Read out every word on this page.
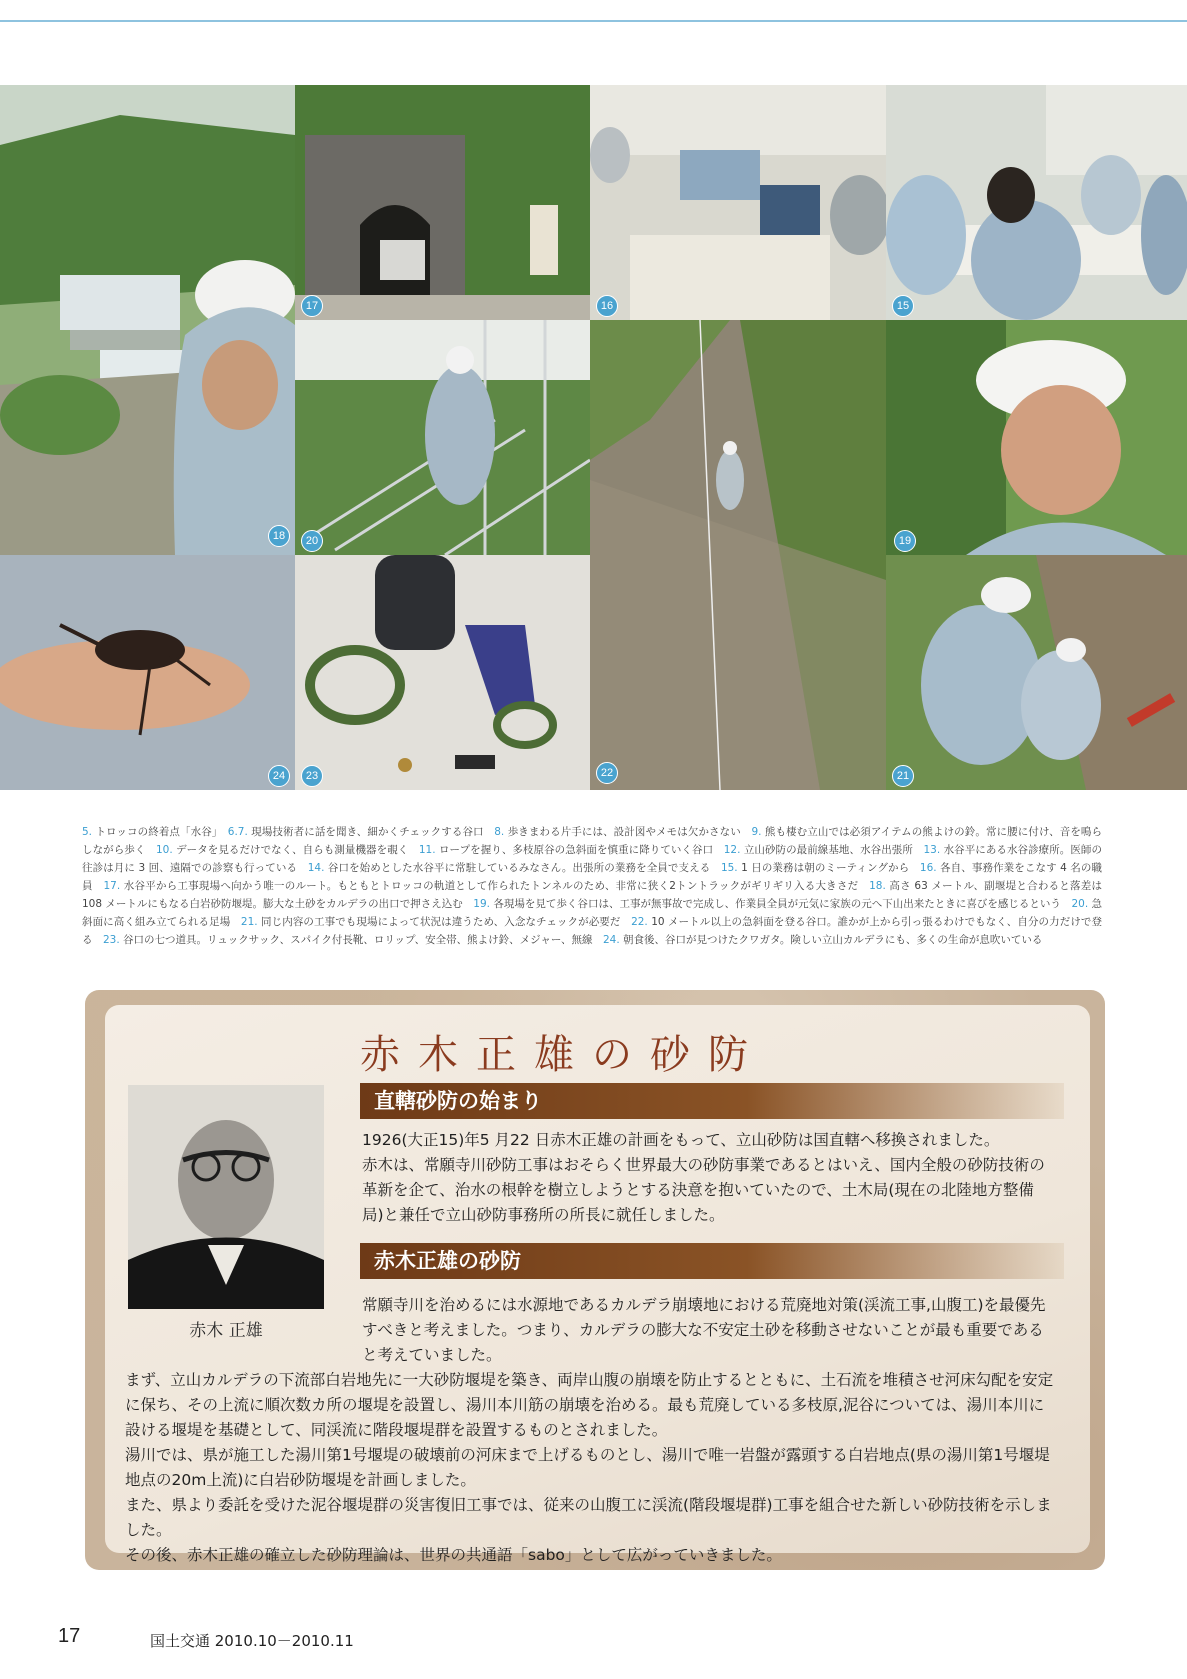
18
17	16	15
20
22
19
24	23	21
5. トロッコの終着点「水谷」　6.7. 現場技術者に話を聞き、細かくチェックする谷口　8. 歩きまわる片手には、設計図やメモは欠かさない　9. 熊も棲む立山では必須アイテムの熊よけの鈴。常に腰に付け、音を鳴らしながら歩く　10. データを見るだけでなく、自らも測量機器を覗く　11. ロープを握り、多枝原谷の急斜面を慎重に降りていく谷口　12. 立山砂防の最前線基地、水谷出張所　13. 水谷平にある水谷診療所。医師の往診は月に 3 回、遠隔での診察も行っている　14. 谷口を始めとした水谷平に常駐しているみなさん。出張所の業務を全員で支える　15. 1 日の業務は朝のミーティングから　16. 各自、事務作業をこなす 4 名の職員　17. 水谷平から工事現場へ向かう唯一のルート。もともとトロッコの軌道として作られたトンネルのため、非常に狭く2トントラックがギリギリ入る大きさだ　18. 高さ 63 メートル、副堰堤と合わると落差は 108 メートルにもなる白岩砂防堰堤。膨大な土砂をカルデラの出口で押さえ込む　19. 各現場を見て歩く谷口は、工事が無事故で完成し、作業員全員が元気に家族の元へ下山出来たときに喜びを感じるという　20. 急斜面に高く組み立てられる足場　21. 同じ内容の工事でも現場によって状況は違うため、入念なチェックが必要だ　22. 10 メートル以上の急斜面を登る谷口。誰かが上から引っ張るわけでもなく、自分の力だけで登る　23. 谷口の七つ道具。リュックサック、スパイク付長靴、ロリップ、安全帯、熊よけ鈴、メジャー、無線　24. 朝食後、谷口が見つけたクワガタ。険しい立山カルデラにも、多くの生命が息吹いている　
赤木正雄の砂防
直轄砂防の始まり
赤木 正雄

1926(大正15)年5 月22 日赤木正雄の計画をもって、立山砂防は国直轄へ移換されました。

赤木は、常願寺川砂防工事はおそらく世界最大の砂防事業であるとはいえ、国内全般の砂防技術の革新を企て、治水の根幹を樹立しようとする決意を抱いていたので、土木局(現在の北陸地方整備局)と兼任で立山砂防事務所の所長に就任しました。

赤木正雄の砂防

常願寺川を治めるには水源地であるカルデラ崩壊地における荒廃地対策(渓流工事,山腹工)を最優先すべきと考えました。つまり、カルデラの膨大な不安定土砂を移動させないことが最も重要であると考えていました。

まず、立山カルデラの下流部白岩地先に一大砂防堰堤を築き、両岸山腹の崩壊を防止するとともに、土石流を堆積させ河床勾配を安定に保ち、その上流に順次数カ所の堰堤を設置し、湯川本川筋の崩壊を治める。最も荒廃している多枝原,泥谷については、湯川本川に設ける堰堤を基礎として、同渓流に階段堰堤群を設置するものとされました。

湯川では、県が施工した湯川第1号堰堤の破壊前の河床まで上げるものとし、湯川で唯一岩盤が露頭する白岩地点(県の湯川第1号堰堤地点の20m上流)に白岩砂防堰堤を計画しました。

また、県より委託を受けた泥谷堰堤群の災害復旧工事では、従来の山腹工に渓流(階段堰堤群)工事を組合せた新しい砂防技術を示しました。

その後、赤木正雄の確立した砂防理論は、世界の共通語「sabo」として広がっていきました。

17	国土交通 2010.10－2010.11
